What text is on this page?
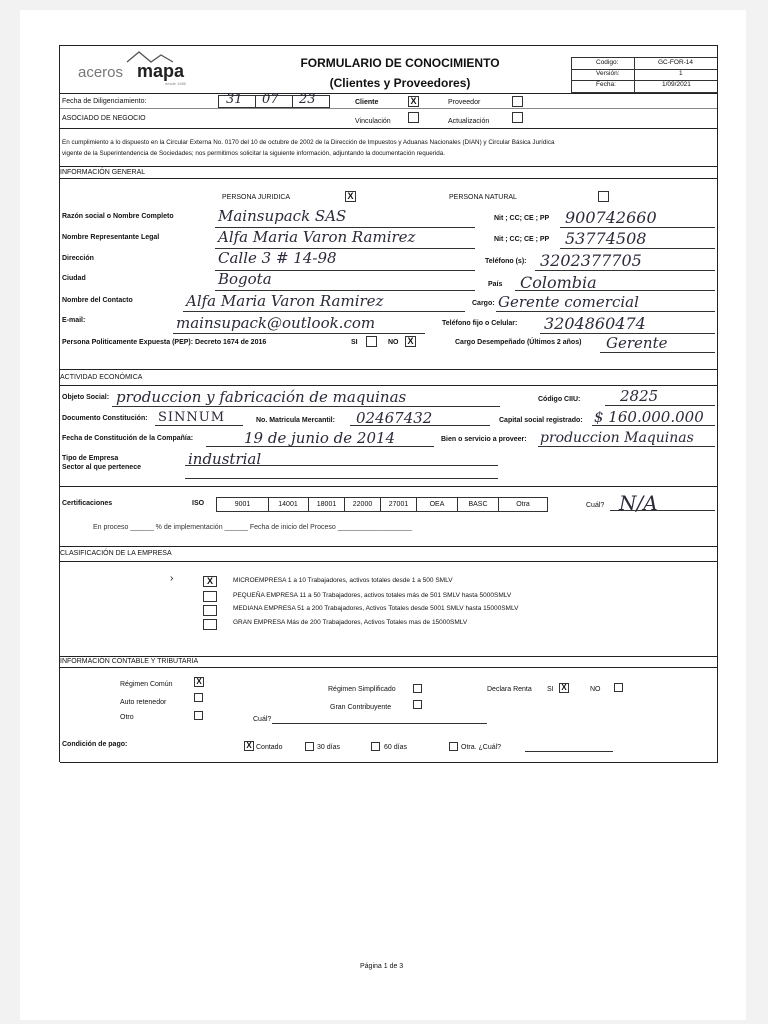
aceros mapa
desde 1986
FORMULARIO DE CONOCIMIENTO
(Clientes y Proveedores)
Codigo:	GC-FOR-14
Versión:	1
Fecha:	1/09/2021
Fecha de Diligenciamiento:	31 07 23	Cliente	X	Proveedor
ASOCIADO DE NEGOCIO	Vinculación	Actualización
En cumplimiento a lo dispuesto en la Circular Externa No. 0170 del 10 de octubre de 2002 de la Dirección de Impuestos y Aduanas Nacionales (DIAN) y Circular Básica Jurídica
vigente de la Superintendencia de Sociedades; nos permitimos solicitar la siguiente información, adjuntando la documentación requerida.
INFORMACIÓN GENERAL
PERSONA JURIDICA	X	PERSONA NATURAL
Razón social o Nombre Completo	Mainsupack SAS	Nit ; CC; CE ; PP 900742660
Nombre Representante Legal	Alfa Maria Varon Ramirez	Nit ; CC; CE ; PP 53774508
Dirección	Calle 3 # 14-98	Teléfono (s): 3202377705
Ciudad	Bogota	País Colombia
Nombre del Contacto	Alfa Maria Varon Ramirez	Cargo: Gerente comercial
E-mail:	mainsupack@outlook.com	Teléfono fijo o Celular: 3204860474
Persona Politicamente Expuesta (PEP): Decreto 1674 de 2016	SI	NO X	Cargo Desempeñado (Últimos 2 años) Gerente
ACTIVIDAD ECONÓMICA
Objeto Social: produccion y fabricación de maquinas	Código CIIU:	2825
Documento Constitución: SINNUM	No. Matricula Mercantil: 02467432	Capital social registrado: $ 160.000.000
Fecha de Constitución de la Compañía:	19 de junio de 2014	Bien o servicio a proveer: produccion Maquinas
Tipo de Empresa
Sector al que pertenece	industrial
Certificaciones	ISO	Cuál? N/A
En proceso ______ % de implementación ______ Fecha de inicio del Proceso ___________________
CLASIFICACIÓN DE LA EMPRESA
›	X	MICROEMPRESA 1 a 10 Trabajadores, activos totales desde 1 a 500 SMLV
PEQUEÑA EMPRESA 11 a 50 Trabajadores, activos totales más de 501 SMLV hasta 5000SMLV
MEDIANA EMPRESA 51 a 200 Trabajadores, Activos Totales desde 5001 SMLV hasta 15000SMLV
GRAN EMPRESA Más de 200 Trabajadores, Activos Totales mas de 15000SMLV
INFORMACIÓN CONTABLE Y TRIBUTARIA
Régimen Común	X
Auto retenedor
Otro	Cuál?
Régimen Simplificado
Gran Contribuyente
Declara Renta SI X	NO
Condición de pago:	X Contado	30 días	60 días	Otra. ¿Cuál?
Página 1 de 3
9001	14001	18001	22000	27001	OEA	BASC	Otra
